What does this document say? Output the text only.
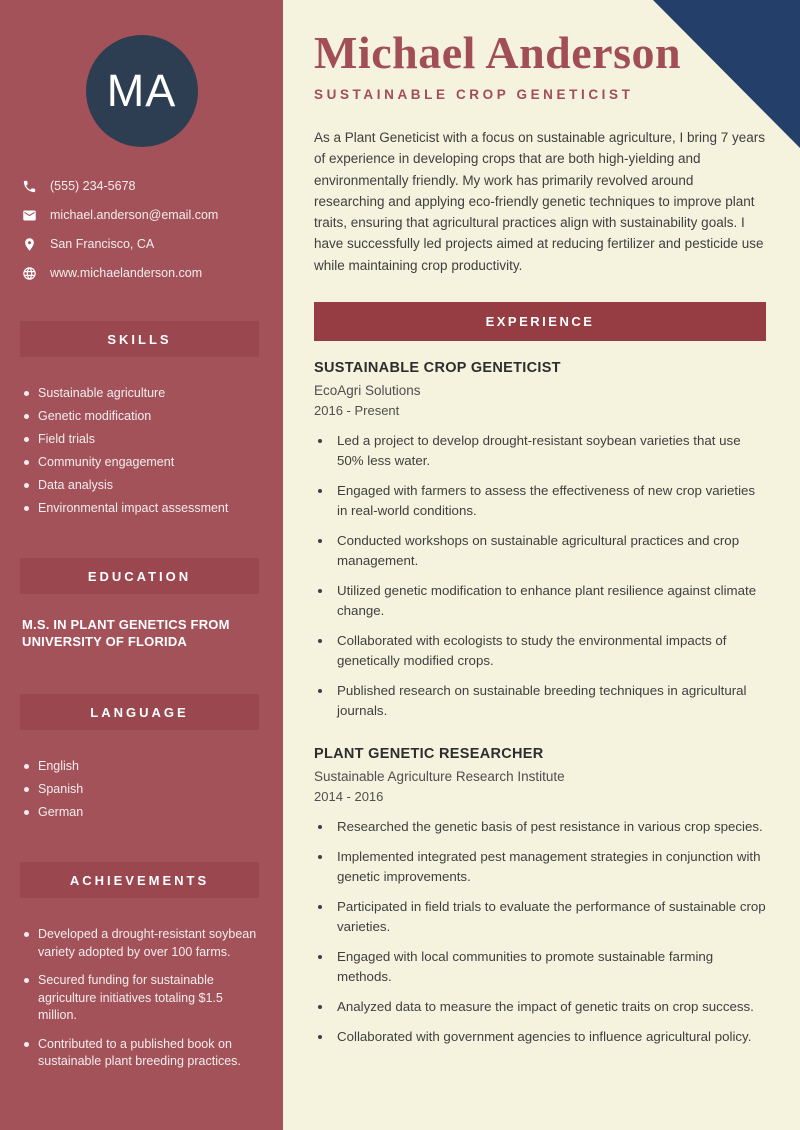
MA
(555) 234-5678
michael.anderson@email.com
San Francisco, CA
www.michaelanderson.com
SKILLS
Sustainable agriculture
Genetic modification
Field trials
Community engagement
Data analysis
Environmental impact assessment
EDUCATION

M.S. IN PLANT GENETICS FROM UNIVERSITY OF FLORIDA

LANGUAGE
English
Spanish
German
ACHIEVEMENTS
Developed a drought-resistant soybean variety adopted by over 100 farms.
Secured funding for sustainable agriculture initiatives totaling $1.5 million.
Contributed to a published book on sustainable plant breeding practices.
Michael Anderson
SUSTAINABLE CROP GENETICIST

As a Plant Geneticist with a focus on sustainable agriculture, I bring 7 years of experience in developing crops that are both high-yielding and environmentally friendly. My work has primarily revolved around researching and applying eco-friendly genetic techniques to improve plant traits, ensuring that agricultural practices align with sustainability goals. I have successfully led projects aimed at reducing fertilizer and pesticide use while maintaining crop productivity.

EXPERIENCE
SUSTAINABLE CROP GENETICIST
EcoAgri Solutions
2016 - Present
• Led a project to develop drought-resistant soybean varieties that use 50% less water.
• Engaged with farmers to assess the effectiveness of new crop varieties in real-world conditions.
• Conducted workshops on sustainable agricultural practices and crop management.
• Utilized genetic modification to enhance plant resilience against climate change.
• Collaborated with ecologists to study the environmental impacts of genetically modified crops.
• Published research on sustainable breeding techniques in agricultural journals.
PLANT GENETIC RESEARCHER
Sustainable Agriculture Research Institute
2014 - 2016
• Researched the genetic basis of pest resistance in various crop species.
• Implemented integrated pest management strategies in conjunction with genetic improvements.
• Participated in field trials to evaluate the performance of sustainable crop varieties.
• Engaged with local communities to promote sustainable farming methods.
• Analyzed data to measure the impact of genetic traits on crop success.
• Collaborated with government agencies to influence agricultural policy.
